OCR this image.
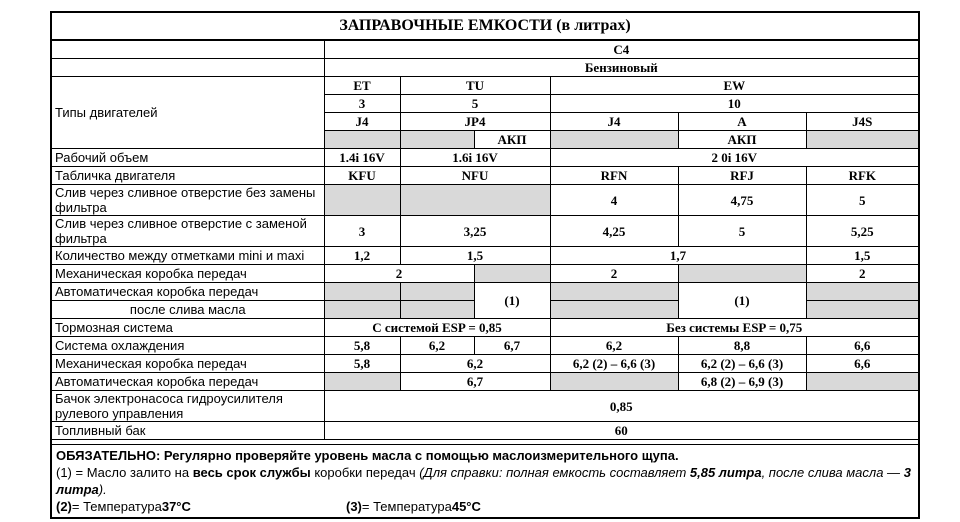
ЗАПРАВОЧНЫЕ ЕМКОСТИ (в литрах)
	C4					
	Бензиновый					
Типы двигателей	ET	TU		EW		
	3	5		10		
	J4	JP4		J4	A	J4S
			АКП		АКП	
Рабочий объем	1.4i 16V	1.6i 16V		2 0i 16V		
Табличка двигателя	KFU	NFU		RFN	RFJ	RFK
Слив через сливное отверстие без замены фильтра				4	4,75	5
Слив через сливное отверстие с заменой фильтра	3	3,25		4,25	5	5,25
Количество между отметками mini и maxi	1,2	1,5		1,7		1,5
Механическая коробка передач	2			2		2
Автоматическая коробка передач			(1)		(1)	
после слива масла						
Тормозная система	С системой ESP = 0,85			Без системы ESP = 0,75		
Система охлаждения	5,8	6,2	6,7	6,2	8,8	6,6
Механическая коробка передач	5,8	6,2		6,2 (2) – 6,6 (3)	6,2 (2) – 6,6 (3)	6,6
Автоматическая коробка передач		6,7			6,8 (2) – 6,9 (3)	
Бачок электронасоса гидроусилителя рулевого управления	0,85					
Топливный бак	60					
ОБЯЗАТЕЛЬНО: Регулярно проверяйте уровень масла с помощью маслоизмерительного щупа.
(1) = Масло залито на весь срок службы коробки передач (Для справки: полная емкость составляет 5,85 литра, после слива масла — 3 литра).
(2)= Температура37°C	(3)= Температура45°C
